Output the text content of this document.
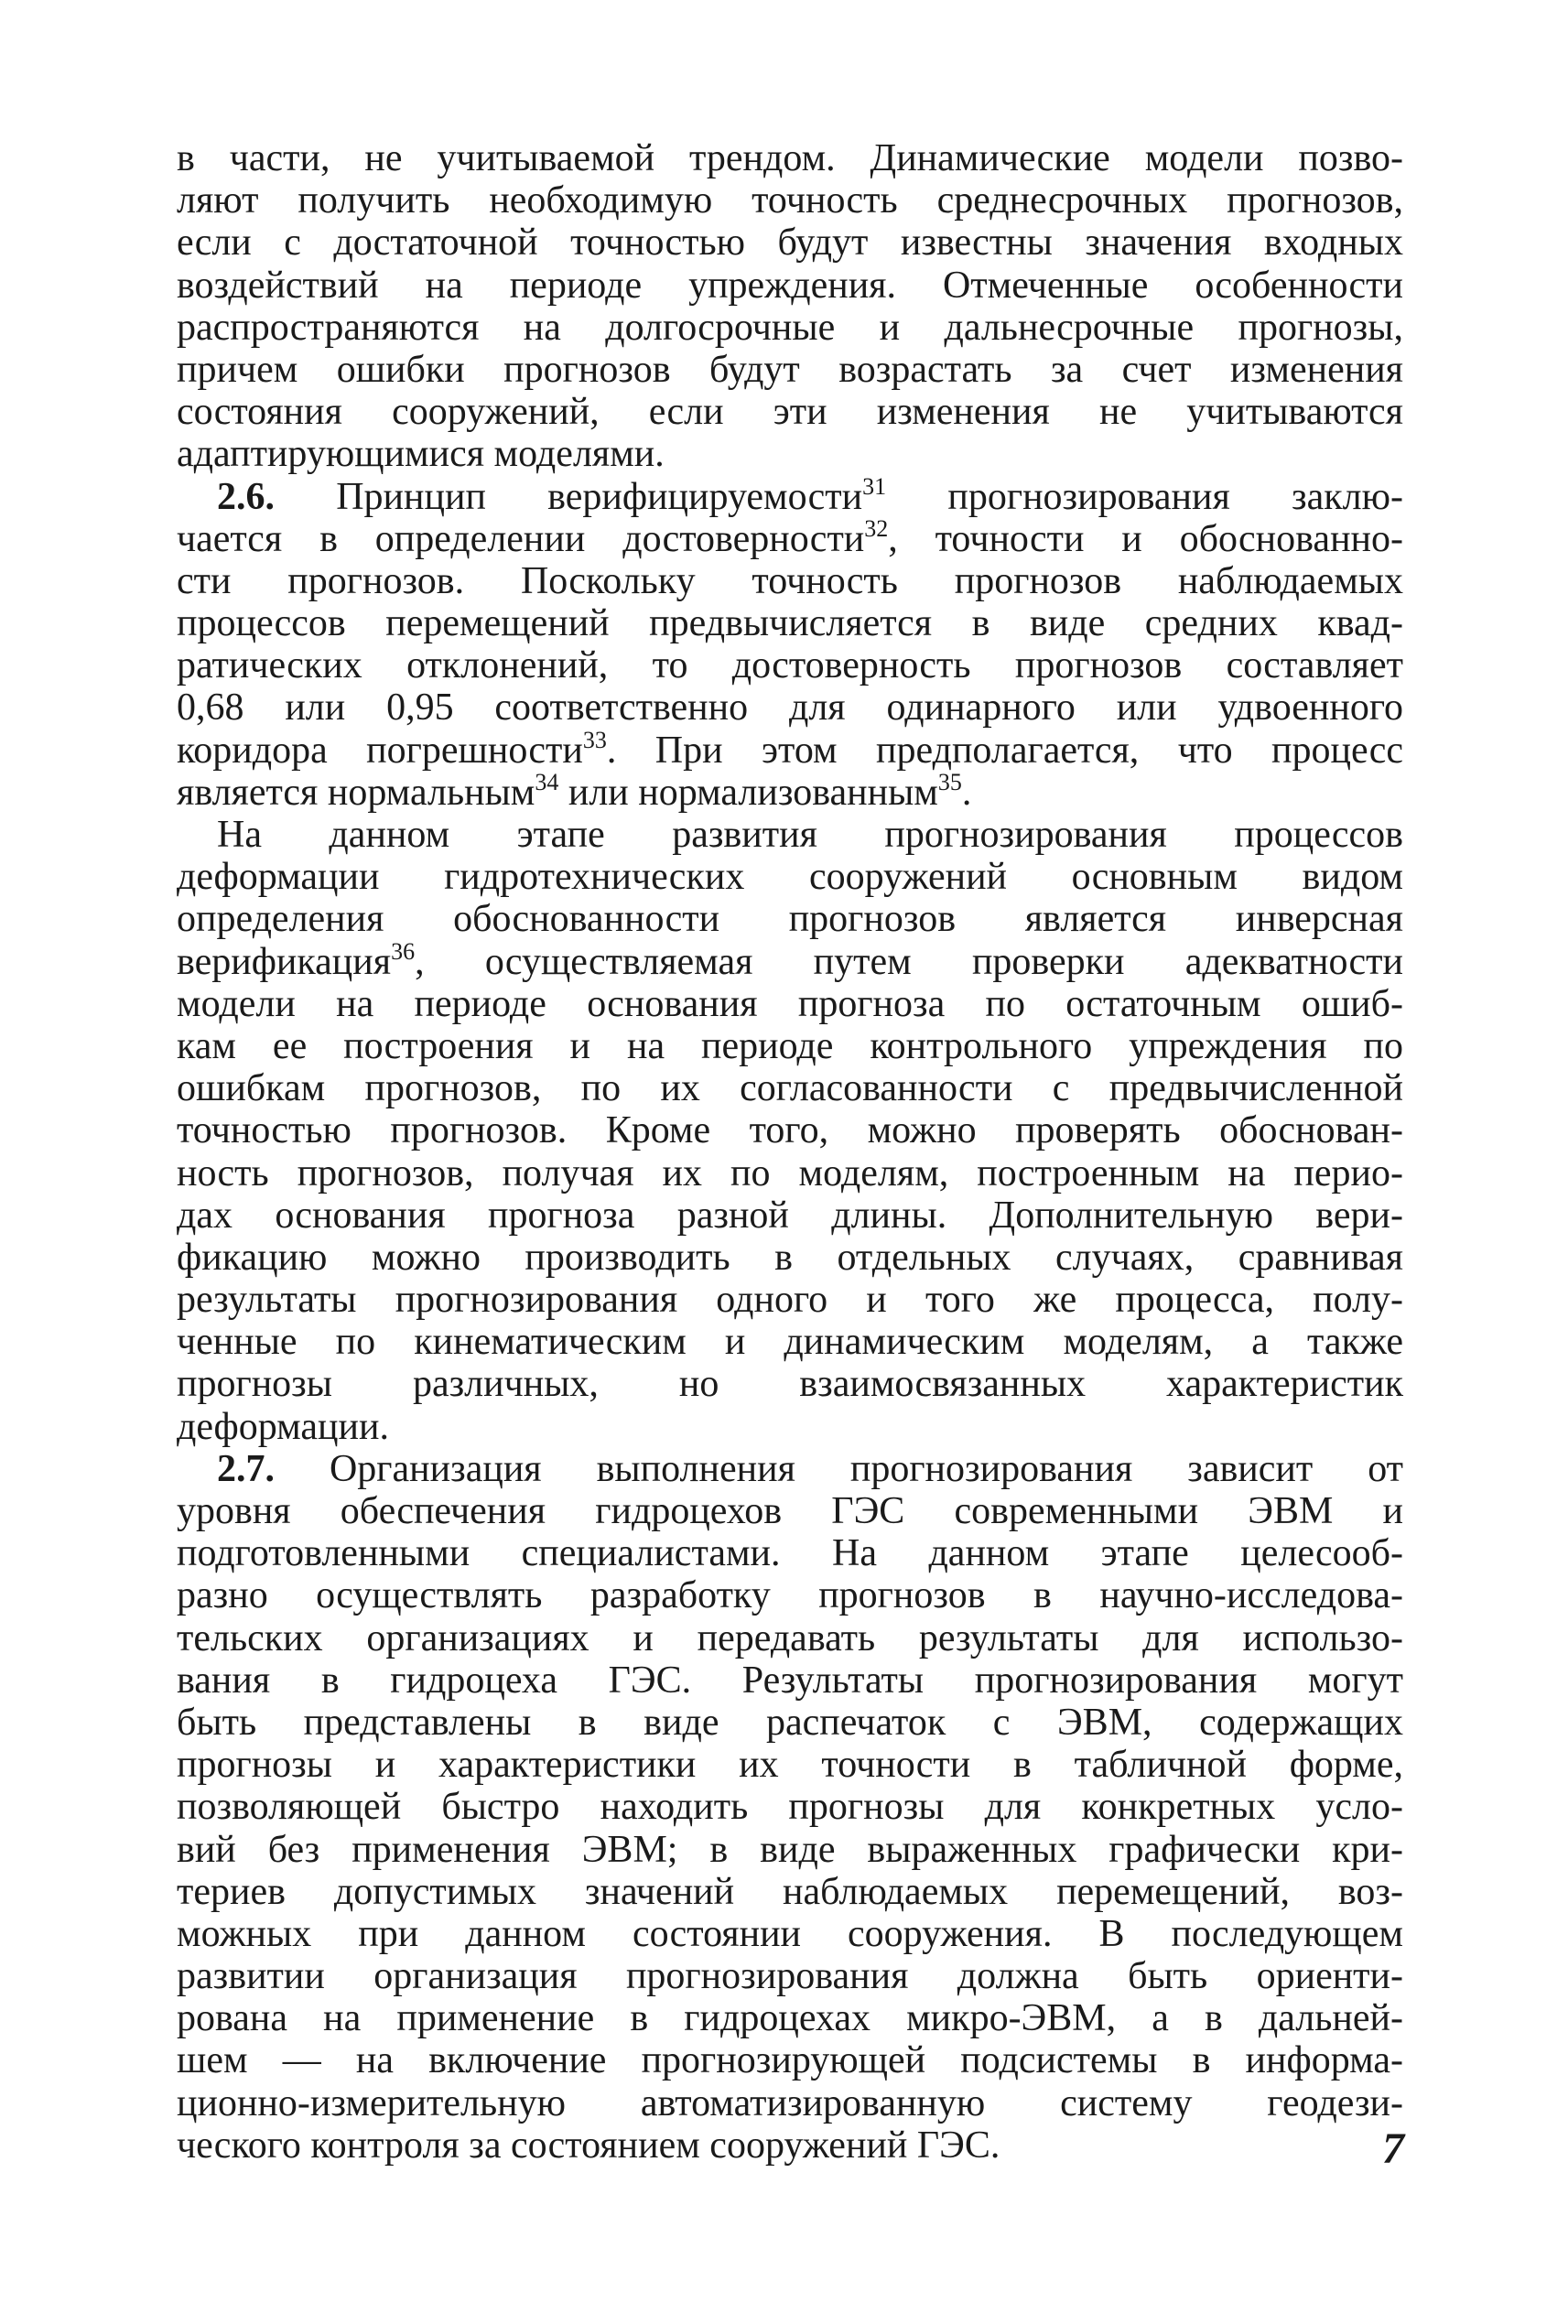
в части, не учитываемой трендом. Динамические модели позво-
ляют получить необходимую точность среднесрочных прогнозов,
если с достаточной точностью будут известны значения входных
воздействий на периоде упреждения. Отмеченные особенности
распространяются на долгосрочные и дальнесрочные прогнозы,
причем ошибки прогнозов будут возрастать за счет изменения
состояния сооружений, если эти изменения не учитываются
адаптирующимися моделями.
2.6. Принцип верифицируемости$^{31}$ прогнозирования заклю-
чается в определении достоверности$^{32}$, точности и обоснованно-
сти прогнозов. Поскольку точность прогнозов наблюдаемых
процессов перемещений предвычисляется в виде средних квад-
ратических отклонений, то достоверность прогнозов составляет
0,68 или 0,95 соответственно для одинарного или удвоенного
коридора погрешности$^{33}$. При этом предполагается, что процесс
является нормальным$^{34}$ или нормализованным$^{35}$.
На данном этапе развития прогнозирования процессов
деформации гидротехнических сооружений основным видом
определения обоснованности прогнозов является инверсная
верификация$^{36}$, осуществляемая путем проверки адекватности
модели на периоде основания прогноза по остаточным ошиб-
кам ее построения и на периоде контрольного упреждения по
ошибкам прогнозов, по их согласованности с предвычисленной
точностью прогнозов. Кроме того, можно проверять обоснован-
ность прогнозов, получая их по моделям, построенным на перио-
дах основания прогноза разной длины. Дополнительную вери-
фикацию можно производить в отдельных случаях, сравнивая
результаты прогнозирования одного и того же процесса, полу-
ченные по кинематическим и динамическим моделям, а также
прогнозы различных, но взаимосвязанных характеристик
деформации.
2.7. Организация выполнения прогнозирования зависит от
уровня обеспечения гидроцехов ГЭС современными ЭВМ и
подготовленными специалистами. На данном этапе целесооб-
разно осуществлять разработку прогнозов в научно-исследова-
тельских организациях и передавать результаты для использо-
вания в гидроцеха ГЭС. Результаты прогнозирования могут
быть представлены в виде распечаток с ЭВМ, содержащих
прогнозы и характеристики их точности в табличной форме,
позволяющей быстро находить прогнозы для конкретных усло-
вий без применения ЭВМ; в виде выраженных графически кри-
териев допустимых значений наблюдаемых перемещений, воз-
можных при данном состоянии сооружения. В последующем
развитии организация прогнозирования должна быть ориенти-
рована на применение в гидроцехах микро-ЭВМ, а в дальней-
шем — на включение прогнозирующей подсистемы в информа-
ционно-измерительную автоматизированную систему геодези-
ческого контроля за состоянием сооружений ГЭС.	7
